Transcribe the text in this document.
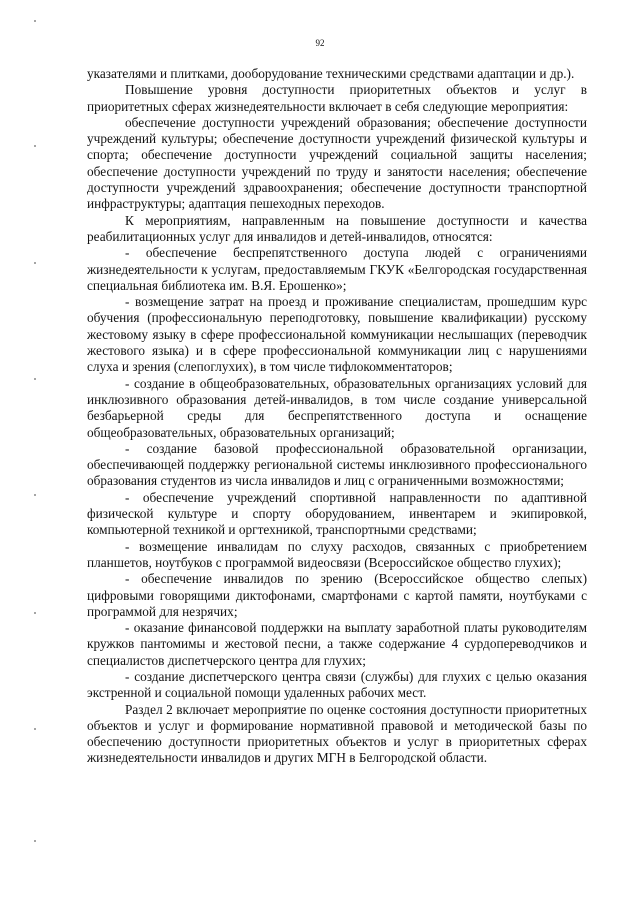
92

указателями и плитками, дооборудование техническими средствами адаптации и др.).

Повышение уровня доступности приоритетных объектов и услуг в приоритетных сферах жизнедеятельности включает в себя следующие мероприятия:

обеспечение доступности учреждений образования; обеспечение доступности учреждений культуры; обеспечение доступности учреждений физической культуры и спорта; обеспечение доступности учреждений социальной защиты населения; обеспечение доступности учреждений по труду и занятости населения; обеспечение доступности учреждений здравоохранения; обеспечение доступности транспортной инфраструктуры; адаптация пешеходных переходов.

К мероприятиям, направленным на повышение доступности и качества реабилитационных услуг для инвалидов и детей-инвалидов, относятся:

- обеспечение беспрепятственного доступа людей с ограничениями жизнедеятельности к услугам, предоставляемым ГКУК «Белгородская государственная специальная библиотека им. В.Я. Ерошенко»;

- возмещение затрат на проезд и проживание специалистам, прошедшим курс обучения (профессиональную переподготовку, повышение квалификации) русскому жестовому языку в сфере профессиональной коммуникации неслышащих (переводчик жестового языка) и в сфере профессиональной коммуникации лиц с нарушениями слуха и зрения (слепоглухих), в том числе тифлокомментаторов;

- создание в общеобразовательных, образовательных организациях условий для инклюзивного образования детей-инвалидов, в том числе создание универсальной безбарьерной среды для беспрепятственного доступа и оснащение общеобразовательных, образовательных организаций;

- создание базовой профессиональной образовательной организации, обеспечивающей поддержку региональной системы инклюзивного профессионального образования студентов из числа инвалидов и лиц с ограниченными возможностями;

- обеспечение учреждений спортивной направленности по адаптивной физической культуре и спорту оборудованием, инвентарем и экипировкой, компьютерной техникой и оргтехникой, транспортными средствами;

- возмещение инвалидам по слуху расходов, связанных с приобретением планшетов, ноутбуков с программой видеосвязи (Всероссийское общество глухих);

- обеспечение инвалидов по зрению (Всероссийское общество слепых) цифровыми говорящими диктофонами, смартфонами с картой памяти, ноутбуками с программой для незрячих;

- оказание финансовой поддержки на выплату заработной платы руководителям кружков пантомимы и жестовой песни, а также содержание 4 сурдопереводчиков и специалистов диспетчерского центра для глухих;

- создание диспетчерского центра связи (службы) для глухих с целью оказания экстренной и социальной помощи удаленных рабочих мест.

Раздел 2 включает мероприятие по оценке состояния доступности приоритетных объектов и услуг и формирование нормативной правовой и методической базы по обеспечению доступности приоритетных объектов и услуг в приоритетных сферах жизнедеятельности инвалидов и других МГН в Белгородской области.
